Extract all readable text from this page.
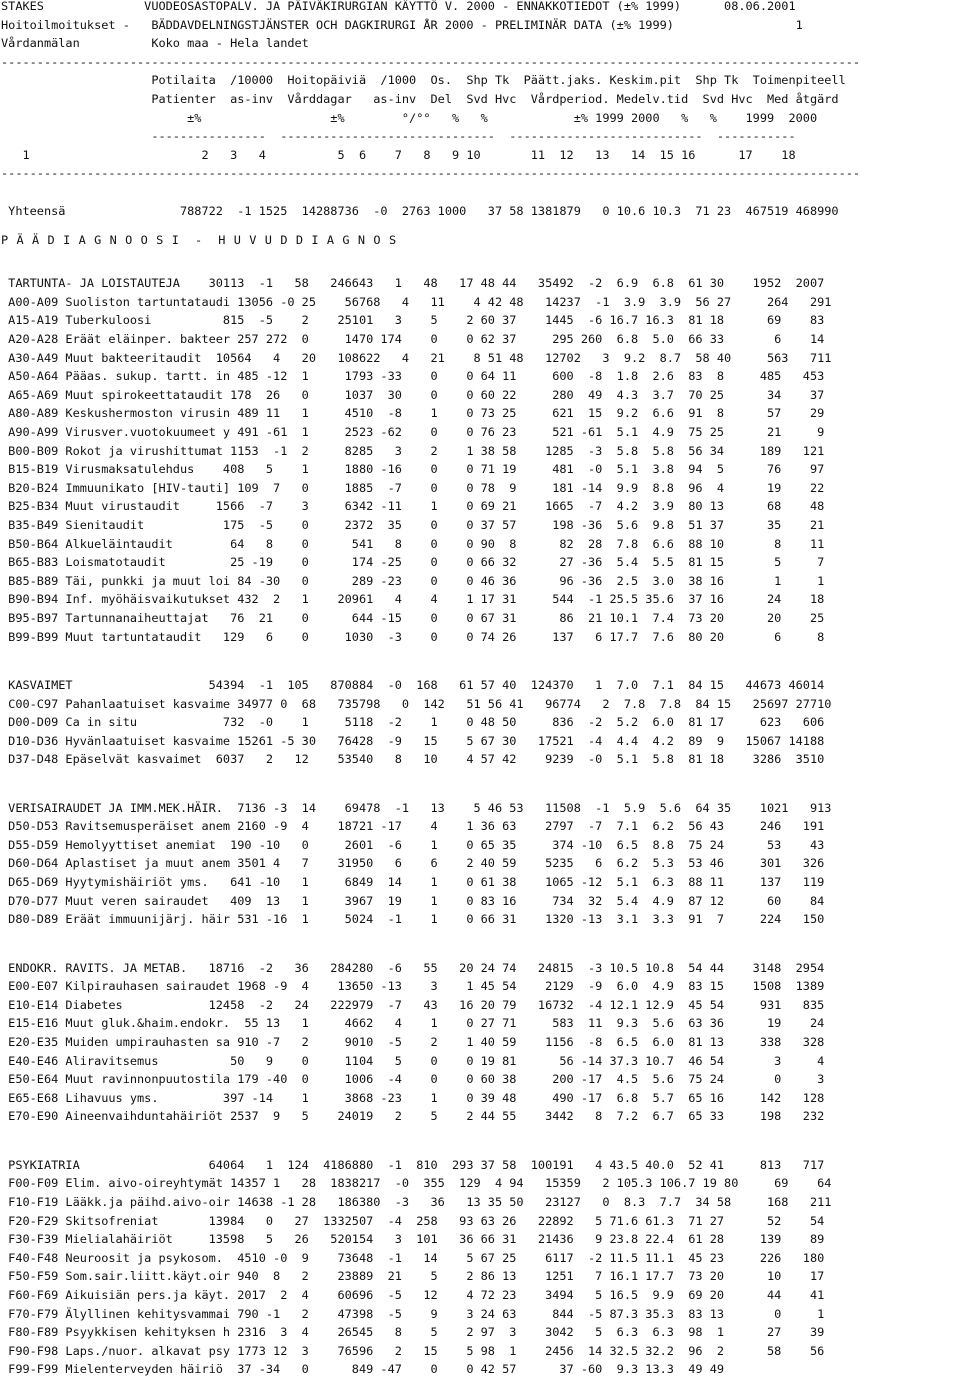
STAKES              VUODEOSASTOPALV. JA PÄIVÄKIRURGIAN KÄYTTÖ V. 2000 - ENNAKKOTIEDOT (±% 1999)      08.06.2001
Hoitoilmoitukset -   BÄDDAVDELNINGSTJÄNSTER OCH DAGKIRURGI ÅR 2000 - PRELIMINÄR DATA (±% 1999)                 1
Vårdanmälan          Koko maa - Hela landet
------------------------------------------------------------------------------------------------------------------------
Potilaita  /10000  Hoitopäiviä  /1000  Os.  Shp Tk  Päätt.jaks. Keskim.pit  Shp Tk  Toimenpiteell
Patienter  as-inv  Vårddagar   as-inv  Del  Svd Hvc  Vårdperiod. Medelv.tid  Svd Hvc  Med åtgärd
±%                  ±%        °/°°   %   %            ±% 1999 2000   %   %    1999  2000
----------------  ------------------------------  ---------------------------  -----------
1                        2   3   4          5  6    7   8   9 10       11  12   13   14  15 16      17    18
------------------------------------------------------------------------------------------------------------------------
Yhteensä                788722  -1 1525  14288736  -0  2763 1000   37 58 1381879   0 10.6 10.3  71 23  467519 468990
P Ä Ä D I A G N O O S I  -  H U V U D D I A G N O S
TARTUNTA- JA LOISTAUTEJA    30113  -1   58   246643   1   48   17 48 44   35492  -2  6.9  6.8  61 30    1952  2007
A00-A09 Suoliston tartuntataudi 13056 -0 25    56768   4   11    4 42 48   14237  -1  3.9  3.9  56 27     264   291
A15-A19 Tuberkuloosi          815  -5    2    25101   3    5    2 60 37    1445  -6 16.7 16.3  81 18      69    83
A20-A28 Eräät eläinper. bakteer 257 272  0     1470 174    0    0 62 37     295 260  6.8  5.0  66 33       6    14
A30-A49 Muut bakteeritaudit  10564   4   20   108622   4   21    8 51 48   12702   3  9.2  8.7  58 40     563   711
A50-A64 Pääas. sukup. tartt. in 485 -12  1     1793 -33    0    0 64 11     600  -8  1.8  2.6  83  8     485   453
A65-A69 Muut spirokeettataudit 178  26   0     1037  30    0    0 60 22     280  49  4.3  3.7  70 25      34    37
A80-A89 Keskushermoston virusin 489 11   1     4510  -8    1    0 73 25     621  15  9.2  6.6  91  8      57    29
A90-A99 Virusver.vuotokuumeet y 491 -61  1     2523 -62    0    0 76 23     521 -61  5.1  4.9  75 25      21     9
B00-B09 Rokot ja virushittumat 1153  -1  2     8285   3    2    1 38 58    1285  -3  5.8  5.8  56 34     189   121
B15-B19 Virusmaksatulehdus    408   5    1     1880 -16    0    0 71 19     481  -0  5.1  3.8  94  5      76    97
B20-B24 Immuunikato [HIV-tauti] 109  7   0     1885  -7    0    0 78  9     181 -14  9.9  8.8  96  4      19    22
B25-B34 Muut virustaudit     1566  -7    3     6342 -11    1    0 69 21    1665  -7  4.2  3.9  80 13      68    48
B35-B49 Sienitaudit           175  -5    0     2372  35    0    0 37 57     198 -36  5.6  9.8  51 37      35    21
B50-B64 Alkueläintaudit        64   8    0      541   8    0    0 90  8      82  28  7.8  6.6  88 10       8    11
B65-B83 Loismatotaudit         25 -19    0      174 -25    0    0 66 32      27 -36  5.4  5.5  81 15       5     7
B85-B89 Täi, punkki ja muut loi 84 -30   0      289 -23    0    0 46 36      96 -36  2.5  3.0  38 16       1     1
B90-B94 Inf. myöhäisvaikutukset 432  2   1    20961   4    4    1 17 31     544  -1 25.5 35.6  37 16      24    18
B95-B97 Tartunnanaiheuttajat   76  21    0      644 -15    0    0 67 31      86  21 10.1  7.4  73 20      20    25
B99-B99 Muut tartuntataudit   129   6    0     1030  -3    0    0 74 26     137   6 17.7  7.6  80 20       6     8
KASVAIMET                   54394  -1  105   870884  -0  168   61 57 40  124370   1  7.0  7.1  84 15   44673 46014
C00-C97 Pahanlaatuiset kasvaime 34977 0  68   735798   0  142   51 56 41   96774   2  7.8  7.8  84 15   25697 27710
D00-D09 Ca in situ            732  -0    1     5118  -2    1    0 48 50     836  -2  5.2  6.0  81 17     623   606
D10-D36 Hyvänlaatuiset kasvaime 15261 -5 30   76428  -9   15    5 67 30   17521  -4  4.4  4.2  89  9   15067 14188
D37-D48 Epäselvät kasvaimet  6037   2   12    53540   8   10    4 57 42    9239  -0  5.1  5.8  81 18    3286  3510
VERISAIRAUDET JA IMM.MEK.HÄIR.  7136 -3  14    69478  -1   13    5 46 53   11508  -1  5.9  5.6  64 35    1021   913
D50-D53 Ravitsemusperäiset anem 2160 -9  4    18721 -17    4    1 36 63    2797  -7  7.1  6.2  56 43     246   191
D55-D59 Hemolyyttiset anemiat  190 -10   0     2601  -6    1    0 65 35     374 -10  6.5  8.8  75 24      53    43
D60-D64 Aplastiset ja muut anem 3501 4   7    31950   6    6    2 40 59    5235   6  6.2  5.3  53 46     301   326
D65-D69 Hyytymishäiriöt yms.   641 -10   1     6849  14    1    0 61 38    1065 -12  5.1  6.3  88 11     137   119
D70-D77 Muut veren sairaudet   409  13   1     3967  19    1    0 83 16     734  32  5.4  4.9  87 12      60    84
D80-D89 Eräät immuunijärj. häir 531 -16  1     5024  -1    1    0 66 31    1320 -13  3.1  3.3  91  7     224   150
ENDOKR. RAVITS. JA METAB.   18716  -2   36   284280  -6   55   20 24 74   24815  -3 10.5 10.8  54 44    3148  2954
E00-E07 Kilpirauhasen sairaudet 1968 -9  4    13650 -13    3    1 45 54    2129  -9  6.0  4.9  83 15    1508  1389
E10-E14 Diabetes            12458  -2   24   222979  -7   43   16 20 79   16732  -4 12.1 12.9  45 54     931   835
E15-E16 Muut gluk.&haim.endokr.  55 13   1     4662   4    1    0 27 71     583  11  9.3  5.6  63 36      19    24
E20-E35 Muiden umpirauhasten sa 910 -7   2     9010  -5    2    1 40 59    1156  -8  6.5  6.0  81 13     338   328
E40-E46 Aliravitsemus          50   9    0     1104   5    0    0 19 81      56 -14 37.3 10.7  46 54       3     4
E50-E64 Muut ravinnonpuutostila 179 -40  0     1006  -4    0    0 60 38     200 -17  4.5  5.6  75 24       0     3
E65-E68 Lihavuus yms.         397 -14    1     3868 -23    1    0 39 48     490 -17  6.8  5.7  65 16     142   128
E70-E90 Aineenvaihduntahäiriöt 2537  9   5    24019   2    5    2 44 55    3442   8  7.2  6.7  65 33     198   232
PSYKIATRIA                  64064   1  124  4186880  -1  810  293 37 58  100191   4 43.5 40.0  52 41     813   717
F00-F09 Elim. aivo-oireyhtymät 14357 1   28  1838217  -0  355  129  4 94   15359   2 105.3 106.7 19 80     69    64
F10-F19 Lääkk.ja päihd.aivo-oir 14638 -1 28   186380  -3   36   13 35 50   23127   0  8.3  7.7  34 58     168   211
F20-F29 Skitsofreniat       13984   0   27  1332507  -4  258   93 63 26   22892   5 71.6 61.3  71 27      52    54
F30-F39 Mielialahäiriöt     13598   5   26   520154   3  101   36 66 31   21436   9 23.8 22.4  61 28     139    89
F40-F48 Neuroosit ja psykosom.  4510 -0  9    73648  -1   14    5 67 25    6117  -2 11.5 11.1  45 23     226   180
F50-F59 Som.sair.liitt.käyt.oir 940  8   2    23889  21    5    2 86 13    1251   7 16.1 17.7  73 20      10    17
F60-F69 Aikuisiän pers.ja käyt. 2017  2  4    60696  -5   12    4 72 23    3494   5 16.5  9.9  69 20      44    41
F70-F79 Älyllinen kehitysvammai 790 -1   2    47398  -5    9    3 24 63     844  -5 87.3 35.3  83 13       0     1
F80-F89 Psyykkisen kehityksen h 2316  3  4    26545   8    5    2 97  3    3042   5  6.3  6.3  98  1      27    39
F90-F98 Laps./nuor. alkavat psy 1773 12  3    76596   2   15    5 98  1    2456  14 32.5 32.2  96  2      58    56
F99-F99 Mielenterveyden häiriö  37 -34   0      849 -47    0    0 42 57      37 -60  9.3 13.3  49 49
